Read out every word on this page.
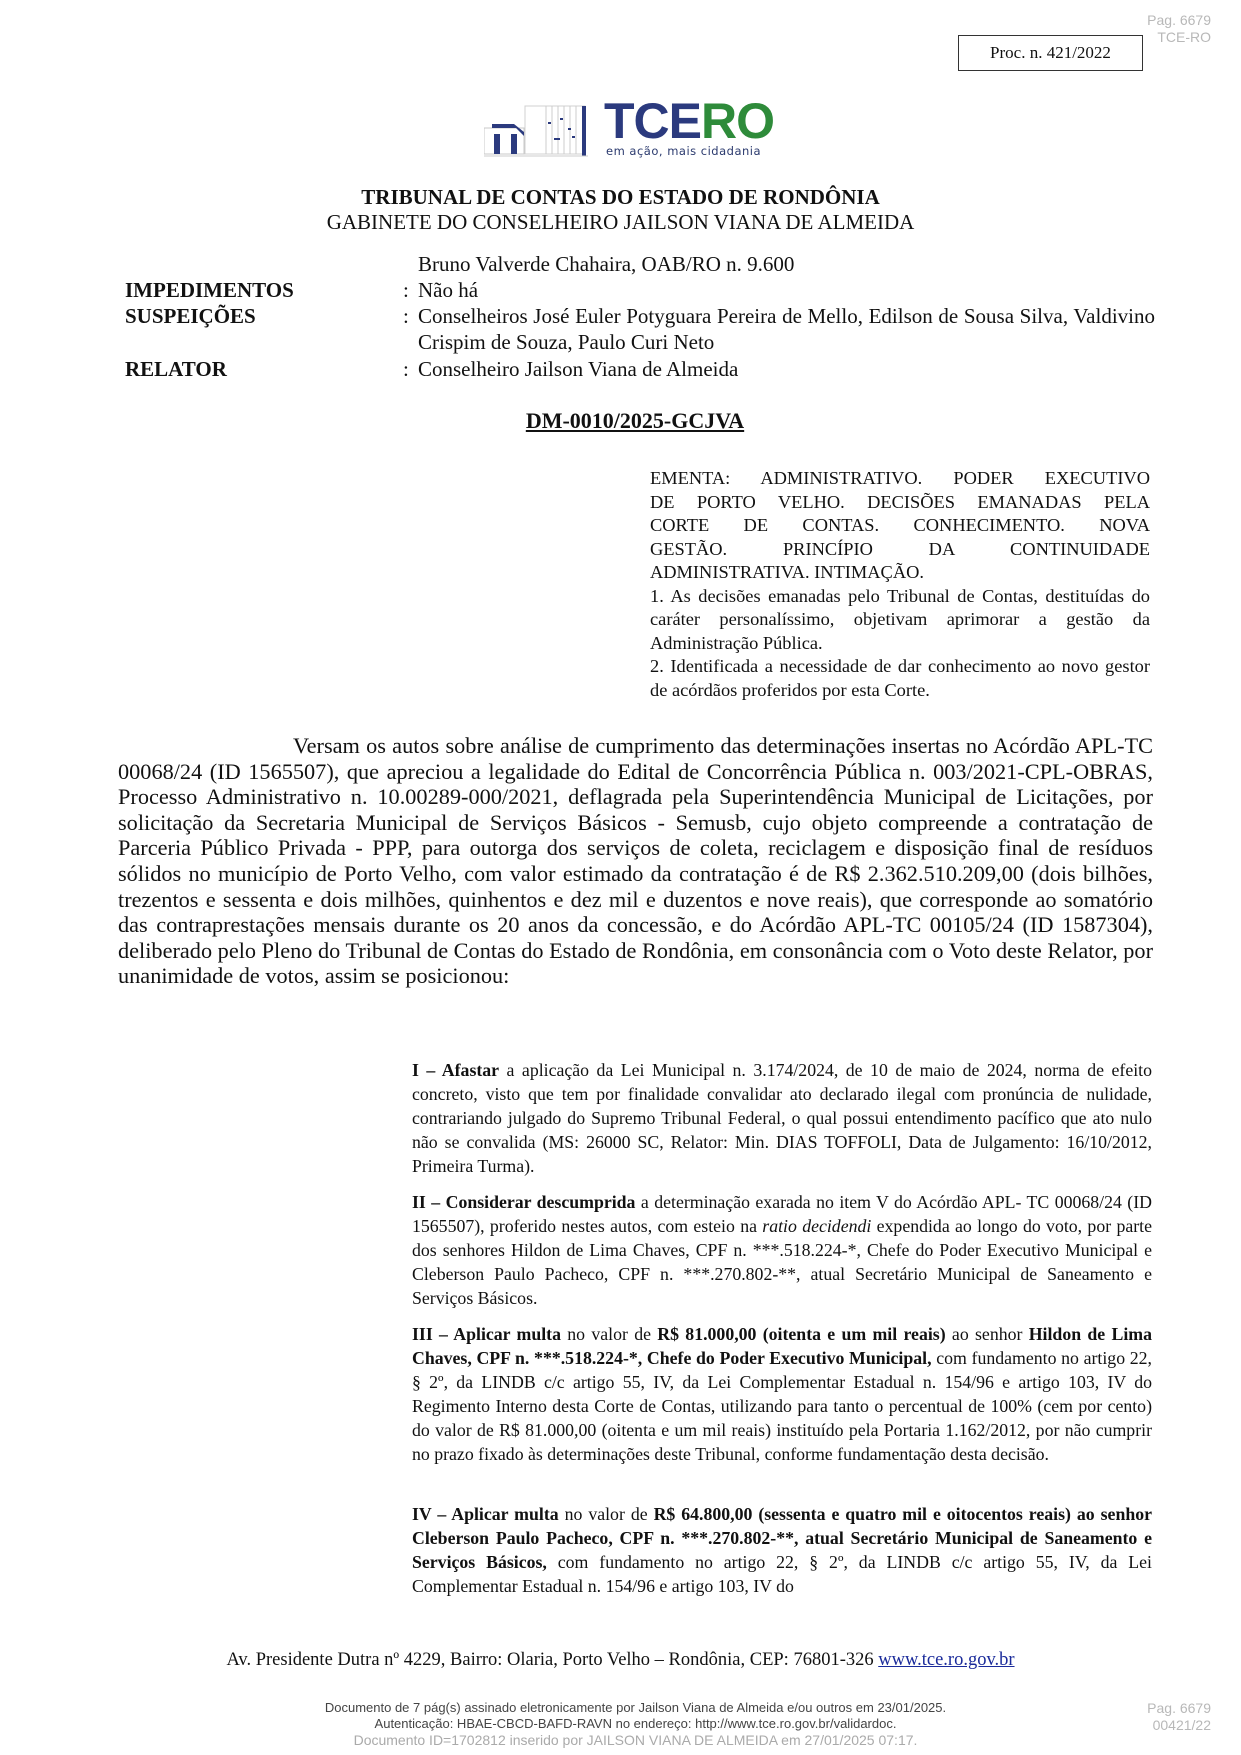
Pag. 6679
TCE-RO
Proc. n. 421/2022
TCERO
em ação, mais cidadania
TRIBUNAL DE CONTAS DO ESTADO DE RONDÔNIA
GABINETE DO CONSELHEIRO JAILSON VIANA DE ALMEIDA
Bruno Valverde Chahaira, OAB/RO n. 9.600
IMPEDIMENTOS	: Não há
SUSPEIÇÕES	: Conselheiros José Euler Potyguara Pereira de Mello, Edilson de Sousa Silva, Valdivino Crispim de Souza, Paulo Curi Neto
RELATOR	: Conselheiro Jailson Viana de Almeida
DM-0010/2025-GCJVA

EMENTA: ADMINISTRATIVO. PODER EXECUTIVO

DE PORTO VELHO. DECISÕES EMANADAS PELA

CORTE DE CONTAS. CONHECIMENTO. NOVA

GESTÃO. PRINCÍPIO DA CONTINUIDADE

ADMINISTRATIVA. INTIMAÇÃO.

1. As decisões emanadas pelo Tribunal de Contas, destituídas do caráter personalíssimo, objetivam aprimorar a gestão da Administração Pública.

2. Identificada a necessidade de dar conhecimento ao novo gestor de acórdãos proferidos por esta Corte.

Versam os autos sobre análise de cumprimento das determinações insertas no Acórdão APL-TC 00068/24 (ID 1565507), que apreciou a legalidade do Edital de Concorrência Pública n. 003/2021-CPL-OBRAS, Processo Administrativo n. 10.00289-000/2021, deflagrada pela Superintendência Municipal de Licitações, por solicitação da Secretaria Municipal de Serviços Básicos - Semusb, cujo objeto compreende a contratação de Parceria Público Privada - PPP, para outorga dos serviços de coleta, reciclagem e disposição final de resíduos sólidos no município de Porto Velho, com valor estimado da contratação é de R$ 2.362.510.209,00 (dois bilhões, trezentos e sessenta e dois milhões, quinhentos e dez mil e duzentos e nove reais), que corresponde ao somatório das contraprestações mensais durante os 20 anos da concessão, e do Acórdão APL-TC 00105/24 (ID 1587304), deliberado pelo Pleno do Tribunal de Contas do Estado de Rondônia, em consonância com o Voto deste Relator, por unanimidade de votos, assim se posicionou:

I – Afastar a aplicação da Lei Municipal n. 3.174/2024, de 10 de maio de 2024, norma de efeito concreto, visto que tem por finalidade convalidar ato declarado ilegal com pronúncia de nulidade, contrariando julgado do Supremo Tribunal Federal, o qual possui entendimento pacífico que ato nulo não se convalida (MS: 26000 SC, Relator: Min. DIAS TOFFOLI, Data de Julgamento: 16/10/2012, Primeira Turma).

II – Considerar descumprida a determinação exarada no item V do Acórdão APL- TC 00068/24 (ID 1565507), proferido nestes autos, com esteio na ratio decidendi expendida ao longo do voto, por parte dos senhores Hildon de Lima Chaves, CPF n. ***.518.224-*, Chefe do Poder Executivo Municipal e Cleberson Paulo Pacheco, CPF n. ***.270.802-**, atual Secretário Municipal de Saneamento e Serviços Básicos.

III – Aplicar multa no valor de R$ 81.000,00 (oitenta e um mil reais) ao senhor Hildon de Lima Chaves, CPF n. ***.518.224-*, Chefe do Poder Executivo Municipal, com fundamento no artigo 22, § 2º, da LINDB c/c artigo 55, IV, da Lei Complementar Estadual n. 154/96 e artigo 103, IV do Regimento Interno desta Corte de Contas, utilizando para tanto o percentual de 100% (cem por cento) do valor de R$ 81.000,00 (oitenta e um mil reais) instituído pela Portaria 1.162/2012, por não cumprir no prazo fixado às determinações deste Tribunal, conforme fundamentação desta decisão.

IV – Aplicar multa no valor de R$ 64.800,00 (sessenta e quatro mil e oitocentos reais) ao senhor Cleberson Paulo Pacheco, CPF n. ***.270.802-**, atual Secretário Municipal de Saneamento e Serviços Básicos, com fundamento no artigo 22, § 2º, da LINDB c/c artigo 55, IV, da Lei Complementar Estadual n. 154/96 e artigo 103, IV do

Av. Presidente Dutra nº 4229, Bairro: Olaria, Porto Velho – Rondônia, CEP: 76801-326 www.tce.ro.gov.br
Documento de 7 pág(s) assinado eletronicamente por Jailson Viana de Almeida e/ou outros em 23/01/2025.
Autenticação: HBAE-CBCD-BAFD-RAVN no endereço: http://www.tce.ro.gov.br/validardoc.
Documento ID=1702812 inserido por JAILSON VIANA DE ALMEIDA em 27/01/2025 07:17.
Pag. 6679
00421/22
